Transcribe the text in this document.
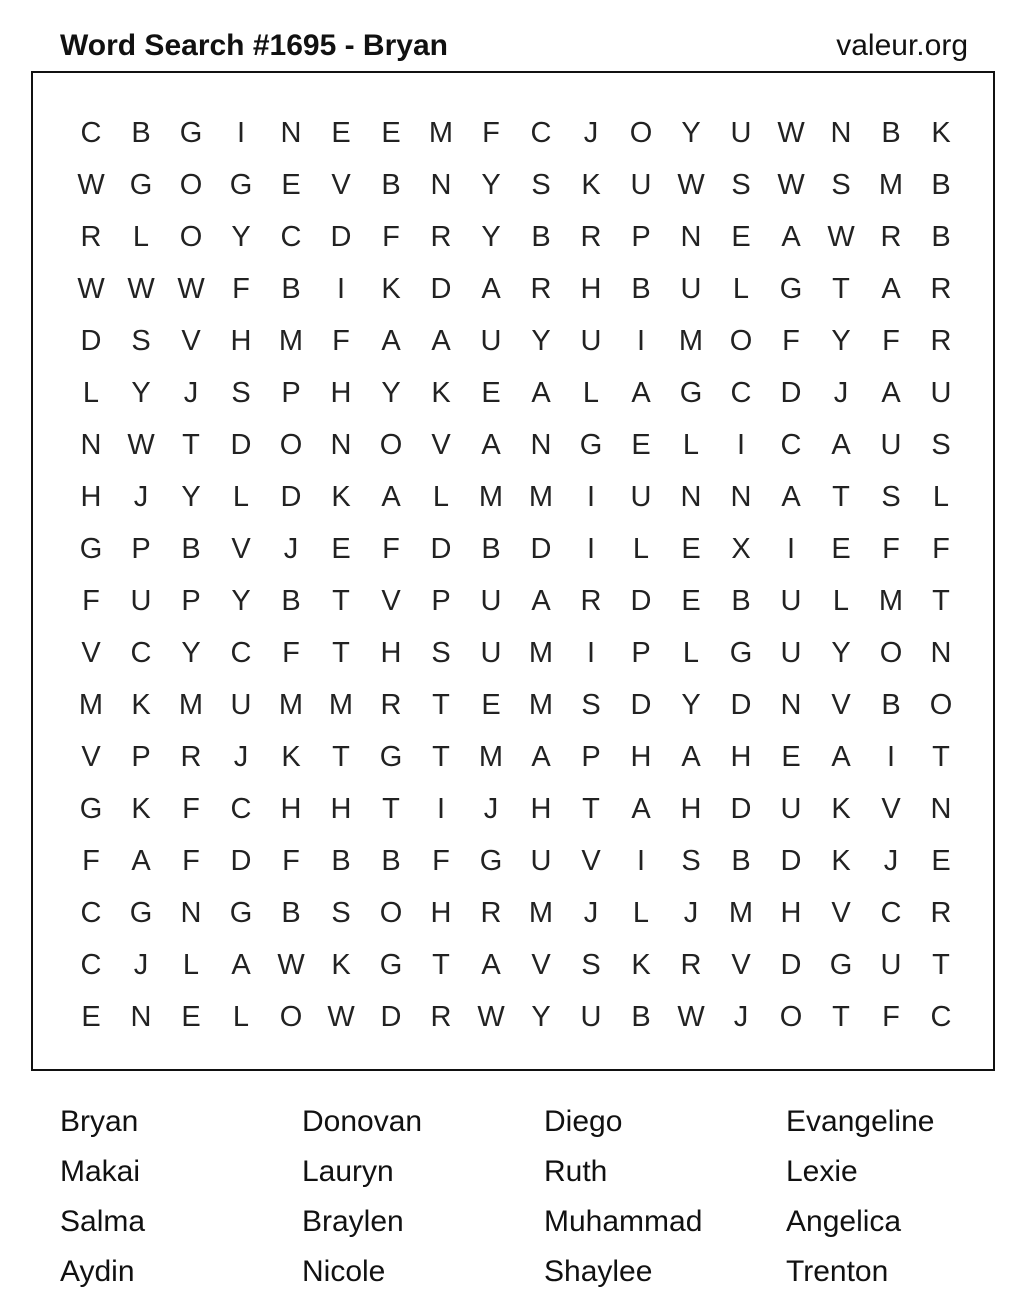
Word Search #1695 - Bryan	valeur.org
C	B	G	I	N	E	E M	F	C	J	O	Y	U W N	B	K
W G O G	E	V	B	N	Y	S	K	U W S W S M B
R	L	O	Y	C	D	F	R	Y	B	R	P	N	E	A W R	B
W W W F	B	I	K	D	A	R	H	B	U	L	G	T	A	R
D	S	V	H M	F	A	A	U	Y	U	I	M O	F	Y	F	R
L	Y	J	S	P	H	Y	K	E	A	L	A	G C	D	J	A	U
N W T	D O N O	V	A	N G	E	L	I	C	A	U	S
H	J	Y	L	D	K	A	L	M M	I	U	N	N	A	T	S	L
G	P	B	V	J	E	F	D	B	D	I	L	E	X	I	E	F	F
F	U	P	Y	B	T	V	P	U	A	R	D	E	B	U	L	M	T
V	C	Y	C	F	T	H	S	U M	I	P	L	G U	Y	O N
M K M U M M R	T	E M S	D	Y	D	N	V	B	O
V	P	R	J	K	T	G	T	M A	P	H	A	H	E	A	I	T
G	K	F	C	H	H	T	I	J	H	T	A	H	D	U	K	V	N
F	A	F	D	F	B	B	F	G U	V	I	S	B	D	K	J	E
C G N G	B	S	O H	R M	J	L	J	M H	V	C	R
C	J	L	A W K	G	T	A	V	S	K	R	V	D G U	T
E	N	E	L	O W D	R W Y	U	B W	J	O	T	F	C
Bryan	Donovan	Diego	Evangeline
Makai	Lauryn	Ruth	Lexie
Salma	Braylen	Muhammad	Angelica
Aydin	Nicole	Shaylee	Trenton
